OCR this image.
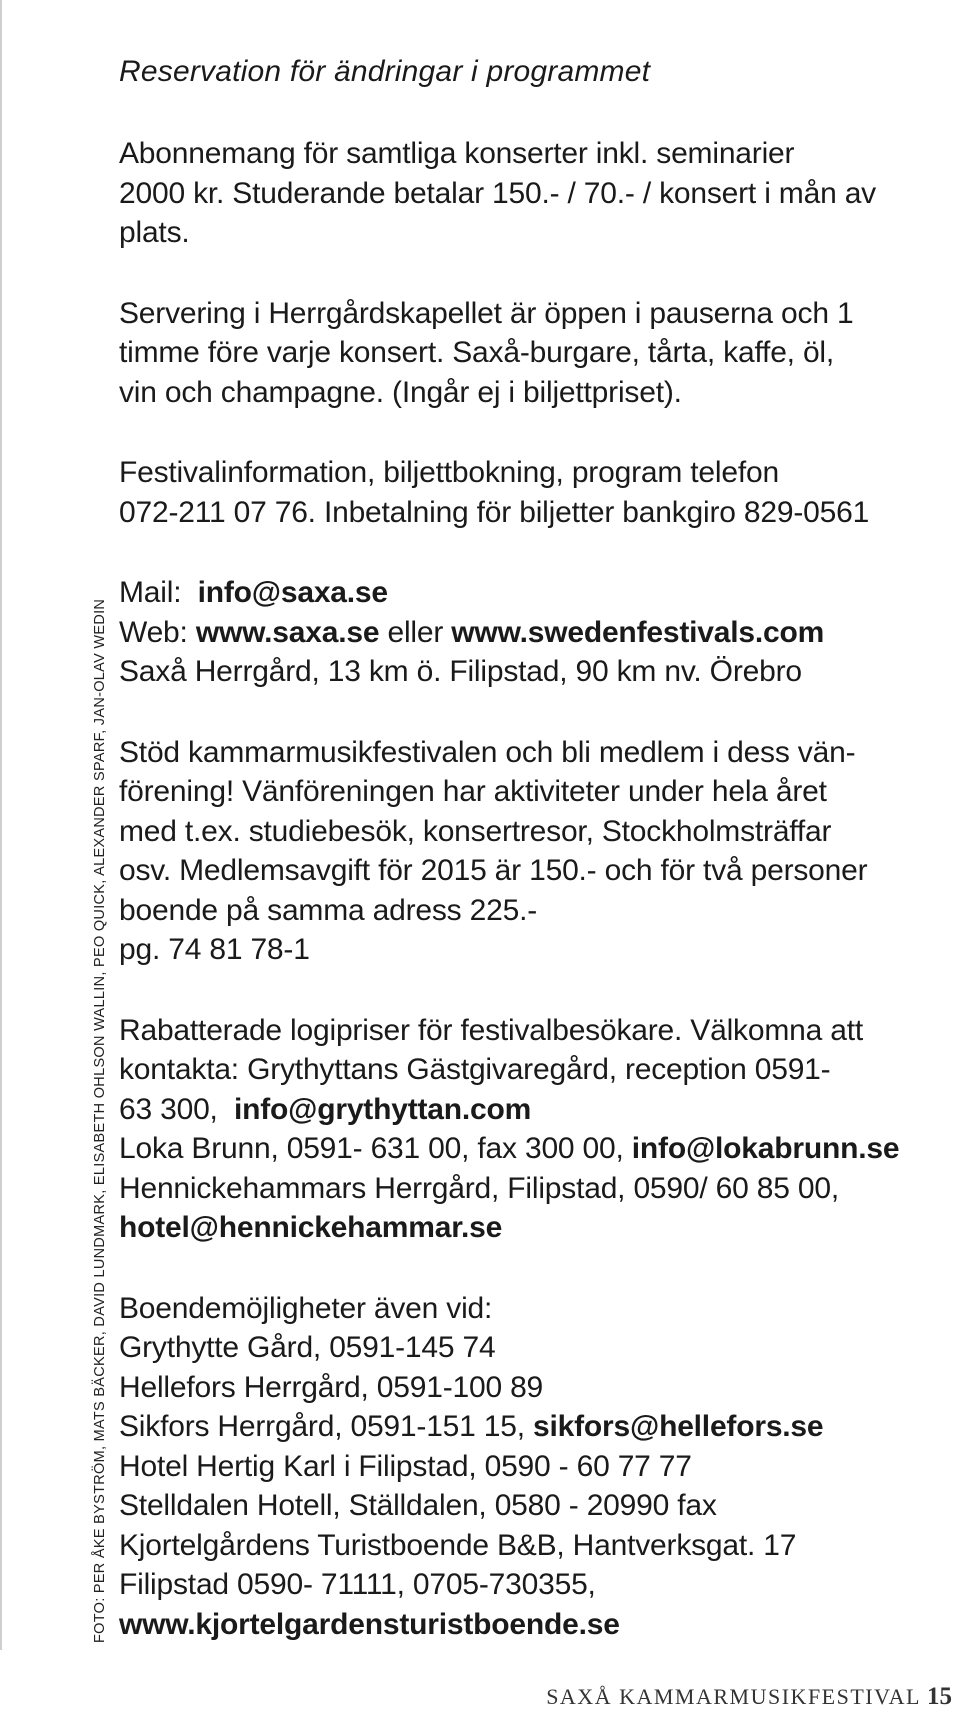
FOTO: PER ÅKE BYSTRÖM, MATS BÄCKER, DAVID LUNDMARK, ELISABETH OHLSON WALLIN, PEO QUICK, ALEXANDER SPARF, JAN-OLAV WEDIN
Reservation för ändringar i programmet

Abonnemang för samtliga konserter inkl. seminarier
2000 kr. Studerande betalar 150.- / 70.- / konsert i mån av
plats.

Servering i Herrgårdskapellet är öppen i pauserna och 1
timme före varje konsert. Saxå-burgare, tårta, kaffe, öl,
vin och champagne. (Ingår ej i biljettpriset).

Festivalinformation, biljettbokning, program telefon
072-211 07 76. Inbetalning för biljetter bankgiro 829-0561

Mail: info@saxa.se
Web: www.saxa.se eller www.swedenfestivals.com
Saxå Herrgård, 13 km ö. Filipstad, 90 km nv. Örebro

Stöd kammarmusikfestivalen och bli medlem i dess vän-
förening! Vänföreningen har aktiviteter under hela året
med t.ex. studiebesök, konsertresor, Stockholmsträffar
osv. Medlemsavgift för 2015 är 150.- och för två personer
boende på samma adress 225.-
pg. 74 81 78-1

Rabatterade logipriser för festivalbesökare. Välkomna att
kontakta: Grythyttans Gästgivaregård, reception 0591-
63 300, info@grythyttan.com
Loka Brunn, 0591- 631 00, fax 300 00, info@lokabrunn.se
Hennickehammars Herrgård, Filipstad, 0590/ 60 85 00,
hotel@hennickehammar.se

Boendemöjligheter även vid:
Grythytte Gård, 0591-145 74
Hellefors Herrgård, 0591-100 89
Sikfors Herrgård, 0591-151 15, sikfors@hellefors.se
Hotel Hertig Karl i Filipstad, 0590 - 60 77 77
Stelldalen Hotell, Ställdalen, 0580 - 20990 fax
Kjortelgårdens Turistboende B&B, Hantverksgat. 17
Filipstad 0590- 71111, 0705-730355,
www.kjortelgardensturistboende.se

SAXÅ KAMMARMUSIKFESTIVAL 15
